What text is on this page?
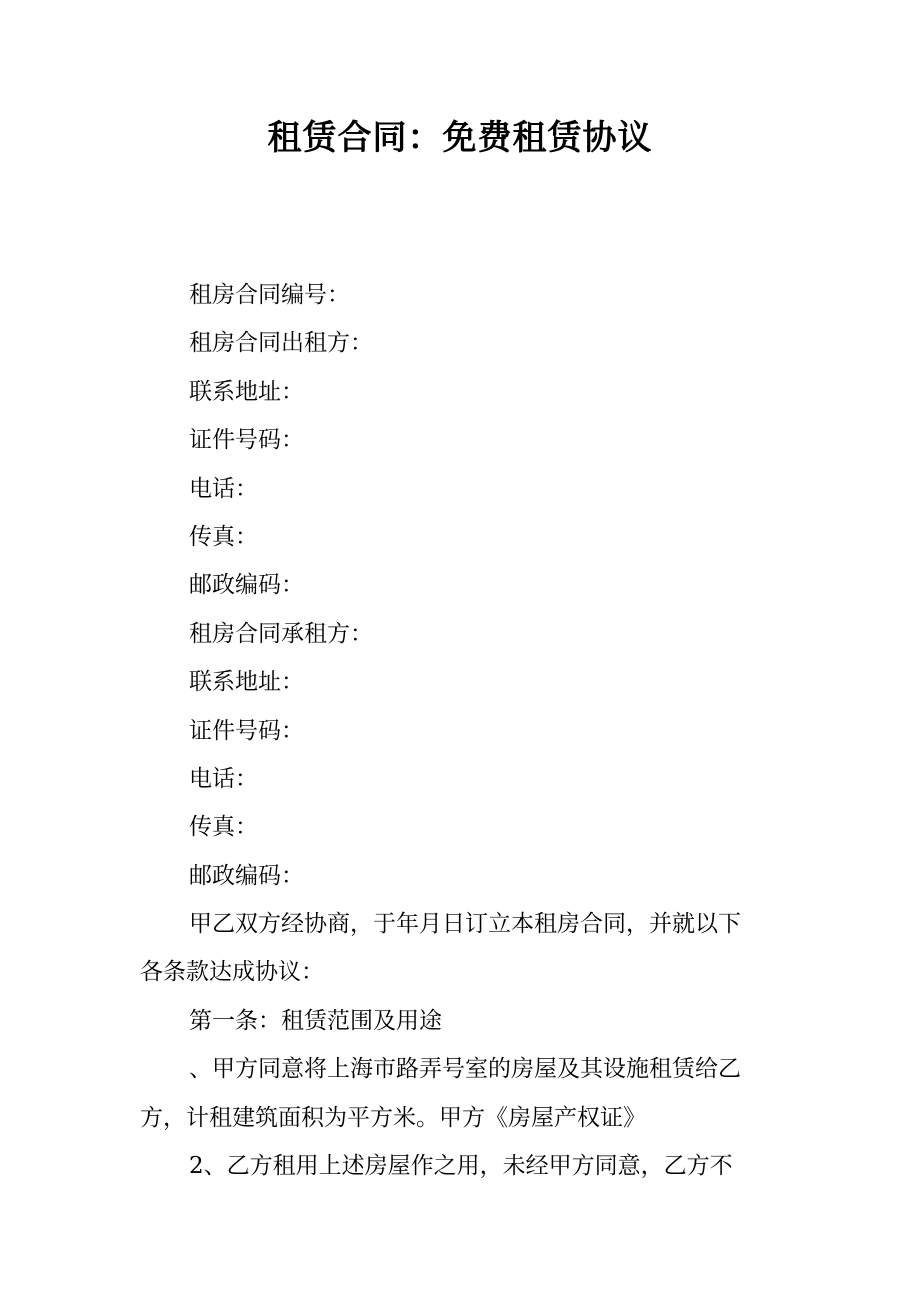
租赁合同：免费租赁协议
租房合同编号：
租房合同出租方：
联系地址：
证件号码：
电话：
传真：
邮政编码：
租房合同承租方：
联系地址：
证件号码：
电话：
传真：
邮政编码：
甲乙双方经协商，于年月日订立本租房合同，并就以下
各条款达成协议：
第一条：租赁范围及用途
、甲方同意将上海市路弄号室的房屋及其设施租赁给乙
方，计租建筑面积为平方米。甲方《房屋产权证》
2、乙方租用上述房屋作之用，未经甲方同意，乙方不
